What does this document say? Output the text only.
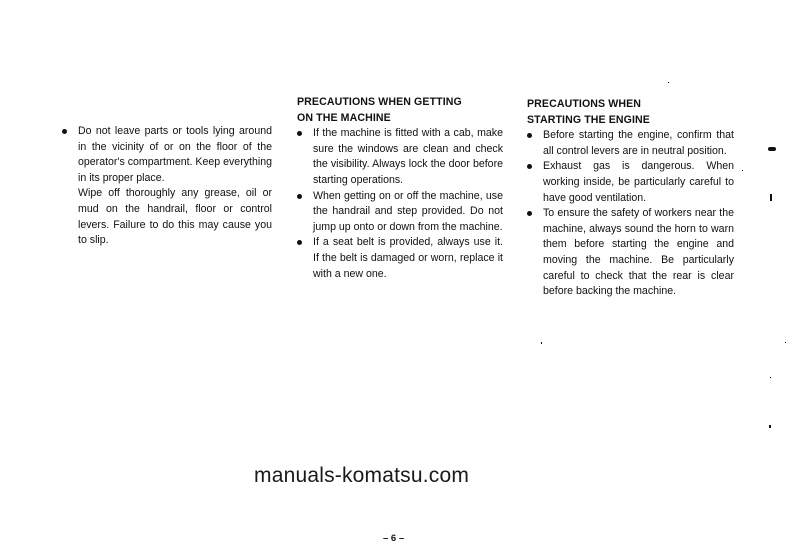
Do not leave parts or tools lying around in the vicinity of or on the floor of the operator's compartment. Keep everything in its proper place.

Wipe off thoroughly any grease, oil or mud on the handrail, floor or control levers. Failure to do this may cause you to slip.

PRECAUTIONS WHEN GETTING
ON THE MACHINE

If the machine is fitted with a cab, make sure the windows are clean and check the visibility. Always lock the door before starting operations.

When getting on or off the machine, use the handrail and step provided. Do not jump up onto or down from the machine.

If a seat belt is provided, always use it. If the belt is damaged or worn, replace it with a new one.

PRECAUTIONS WHEN
STARTING THE ENGINE

Before starting the engine, confirm that all control levers are in neutral position.

Exhaust gas is dangerous. When working inside, be particularly careful to have good ventilation.

To ensure the safety of workers near the machine, always sound the horn to warn them before starting the engine and moving the machine. Be particularly careful to check that the rear is clear before backing the machine.

manuals-komatsu.com
– 6 –
